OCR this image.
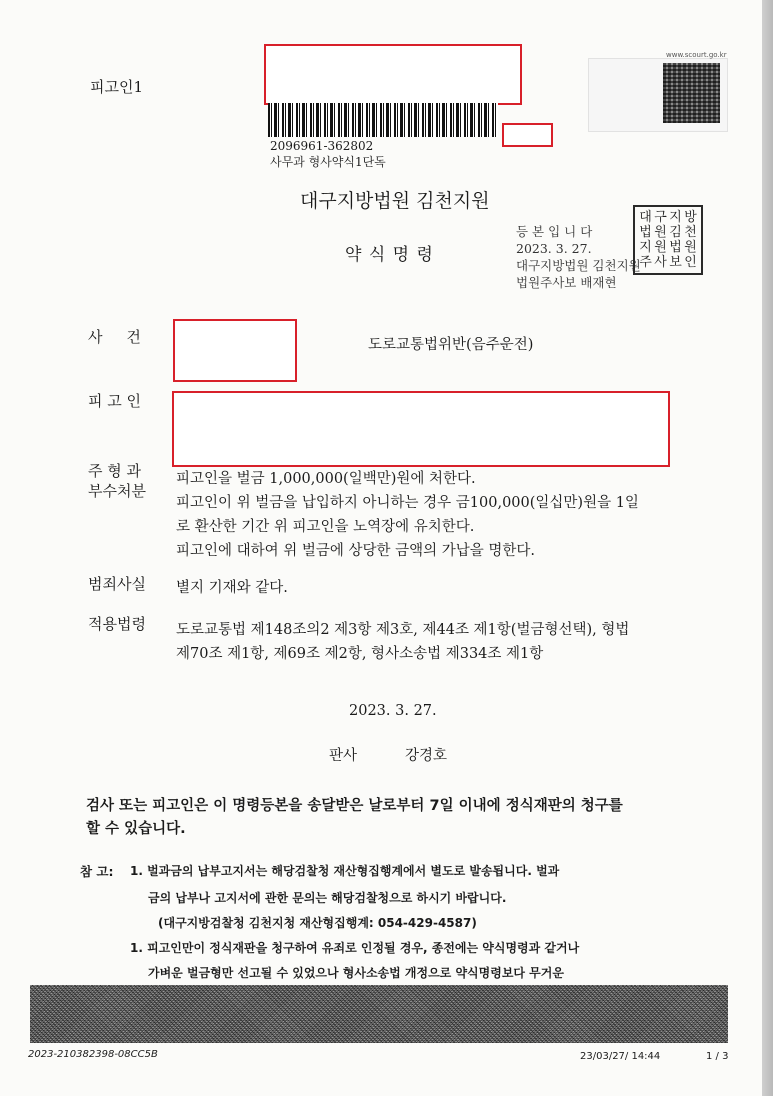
피고인1
2096961-362802
사무과 형사약식1단독
www.scourt.go.kr
대구지방법원 김천지원
약 식 명 령
등 본 입 니 다
2023. 3. 27.
대구지방법원 김천지원
법원주사보 배재현
대 구 지 방
법 원 김 천
지 원 법 원
주 사 보 인
사     건	도로교통법위반(음주운전)
피 고 인
주 형 과
부수처분
피고인을 벌금 1,000,000(일백만)원에 처한다.
피고인이 위 벌금을 납입하지 아니하는 경우 금100,000(일십만)원을 1일
로 환산한 기간 위 피고인을 노역장에 유치한다.
피고인에 대하여 위 벌금에 상당한 금액의 가납을 명한다.
범죄사실 별지 기재와 같다.
적용법령 도로교통법 제148조의2 제3항 제3호, 제44조 제1항(벌금형선택), 형법
제70조 제1항, 제69조 제2항, 형사소송법 제334조 제1항
2023. 3. 27.
판사	강경호
검사 또는 피고인은 이 명령등본을 송달받은 날로부터 7일 이내에 정식재판의 청구를
할 수 있습니다.
참 고: 1. 벌과금의 납부고지서는 해당검찰청 재산형집행계에서 별도로 발송됩니다. 벌과
금의 납부나 고지서에 관한 문의는 해당검찰청으로 하시기 바랍니다.
(대구지방검찰청 김천지청 재산형집행계: 054-429-4587)
1. 피고인만이 정식재판을 청구하여 유죄로 인정될 경우, 종전에는 약식명령과 같거나
가벼운 벌금형만 선고될 수 있었으나 형사소송법 개정으로 약식명령보다 무거운
2023-210382398-08CC5B	23/03/27/ 14:44	1 / 3
